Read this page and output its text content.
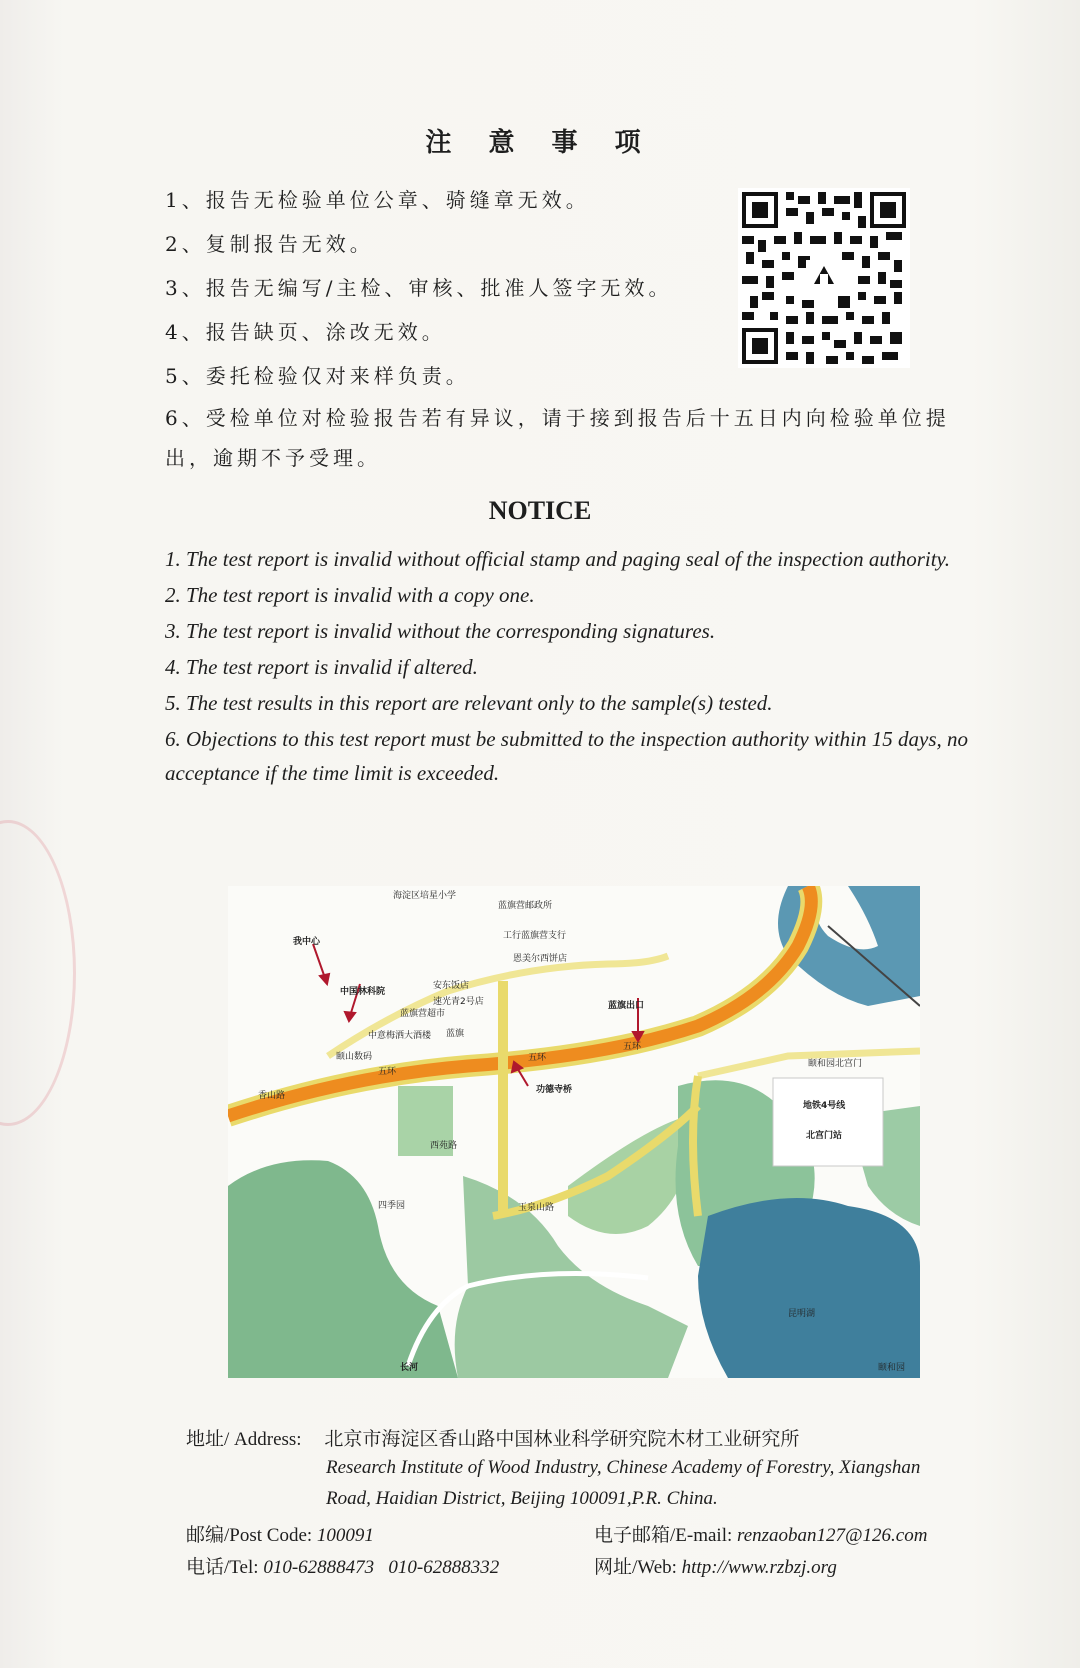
注 意 事 项
1、报告无检验单位公章、骑缝章无效。
2、复制报告无效。
3、报告无编写/主检、审核、批准人签字无效。
4、报告缺页、涂改无效。
5、委托检验仅对来样负责。
6、受检单位对检验报告若有异议，请于接到报告后十五日内向检验单位提出，逾期不予受理。
NOTICE
1. The test report is invalid without official stamp and paging seal of the inspection authority.
2. The test report is invalid with a copy one.
3. The test report is invalid without the corresponding signatures.
4. The test report is invalid if altered.
5. The test results in this report are relevant only to the sample(s) tested.
6. Objections to this test report must be submitted to the inspection authority within 15 days, no acceptance if the time limit is exceeded.
海淀区培星小学
蓝旗营邮政所
工行蓝旗营支行
恩美尔西饼店
我中心
中国林科院
安东饭店
速光青2号店
蓝旗营超市
中意梅洒大酒楼 蓝旗
颐山数码
蓝旗出口
五环
五环
五环
功德寺桥
地铁4号线
北宫门站
颐和园北宫门
西苑路
玉泉山路
长河	颐和园
昆明湖
香山路
四季园
地址/ Address: 北京市海淀区香山路中国林业科学研究院木材工业研究所
Research Institute of Wood Industry, Chinese Academy of Forestry, Xiangshan
Road, Haidian District, Beijing 100091,P.R. China.
邮编/Post Code: 100091	电子邮箱/E-mail: renzaoban127@126.com
电话/Tel: 010-62888473   010-62888332	网址/Web: http://www.rzbzj.org
